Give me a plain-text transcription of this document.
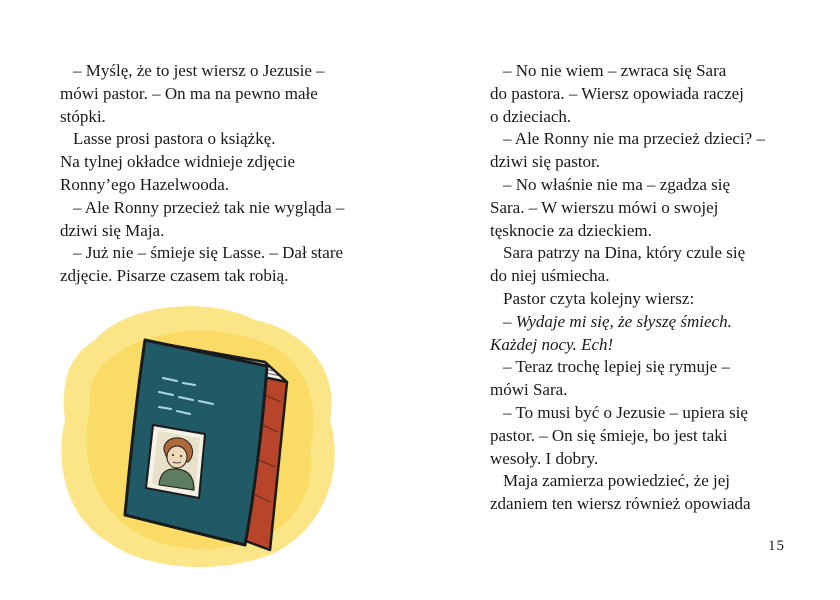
– Myślę, że to jest wiersz o Jezusie –
mówi pastor. – On ma na pewno małe
stópki.
Lasse prosi pastora o książkę.
Na tylnej okładce widnieje zdjęcie
Ronny’ego Hazelwooda.
– Ale Ronny przecież tak nie wygląda –
dziwi się Maja.
– Już nie – śmieje się Lasse. – Dał stare
zdjęcie. Pisarze czasem tak robią.
– No nie wiem – zwraca się Sara
do pastora. – Wiersz opowiada raczej
o dzieciach.
– Ale Ronny nie ma przecież dzieci? –
dziwi się pastor.
– No właśnie nie ma – zgadza się
Sara. – W wierszu mówi o swojej
tęsknocie za dzieckiem.
Sara patrzy na Dina, który czule się
do niej uśmiecha.
Pastor czyta kolejny wiersz:
– Wydaje mi się, że słyszę śmiech.
Każdej nocy. Ech!
– Teraz trochę lepiej się rymuje –
mówi Sara.
– To musi być o Jezusie – upiera się
pastor. – On się śmieje, bo jest taki
wesoły. I dobry.
Maja zamierza powiedzieć, że jej
zdaniem ten wiersz również opowiada
15
